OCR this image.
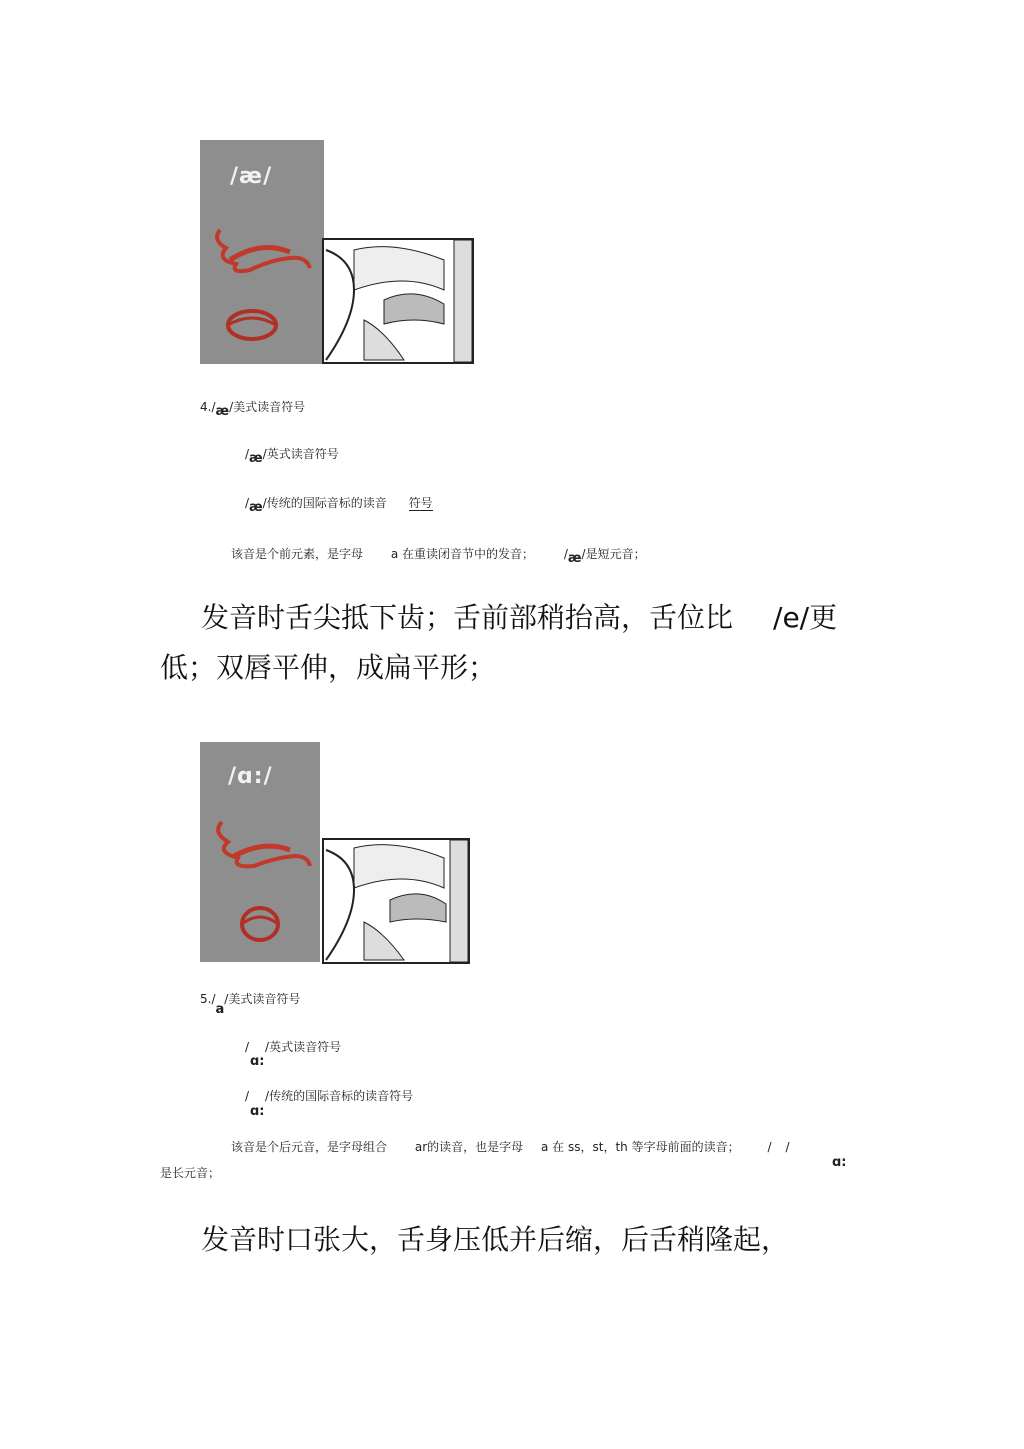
/æ/
4./æ/美式读音符号
/æ/英式读音符号
/æ/传统的国际音标的读音 符号
该音是个前元素，是字母 a 在重读闭音节中的发音； /æ/是短元音；
发音时舌尖抵下齿；舌前部稍抬高，舌位比 /e/更
低；双唇平伸，成扁平形；
/ɑ:/
5./a/美式读音符号
/ /英式读音符号
ɑ:
/ /传统的国际音标的读音符号
ɑ:
该音是个后元音，是字母组合 ar的读音，也是字母 a 在 ss，st，th 等字母前面的读音； / /
ɑ:
是长元音；
发音时口张大，舌身压低并后缩，后舌稍隆起，
